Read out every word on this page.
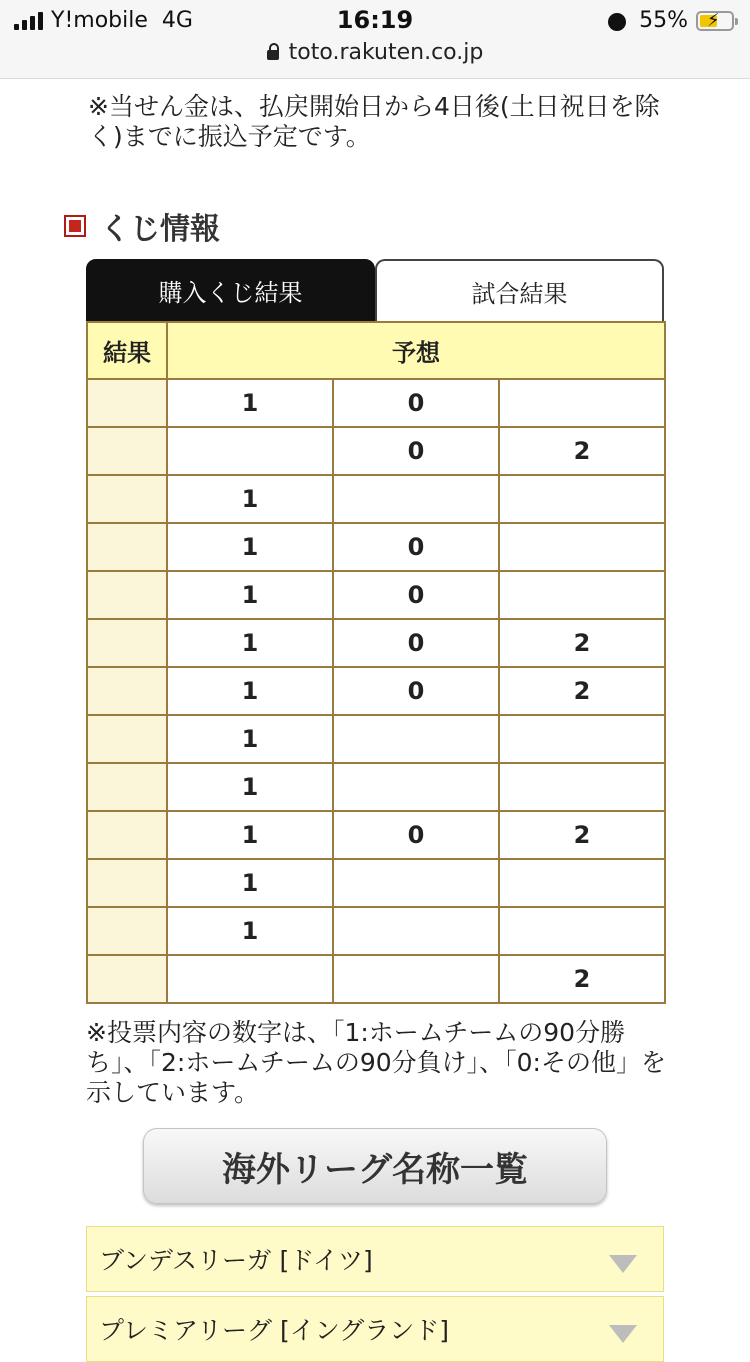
Y!mobile 4G	16:19	55% ⚡
toto.rakuten.co.jp
※当せん金は、払戻開始日から4日後(土日祝日を除く)までに振込予定です。
くじ情報
購入くじ結果	試合結果
結果	予想		
	1	0	
		0	2
	1		
	1	0	
	1	0	
	1	0	2
	1	0	2
	1		
	1		
	1	0	2
	1		
	1		
			2
※投票内容の数字は、「1:ホームチームの90分勝ち」、「2:ホームチームの90分負け」、「0:その他」を示しています。
海外リーグ名称一覧
ブンデスリーガ [ドイツ]
プレミアリーグ [イングランド]
